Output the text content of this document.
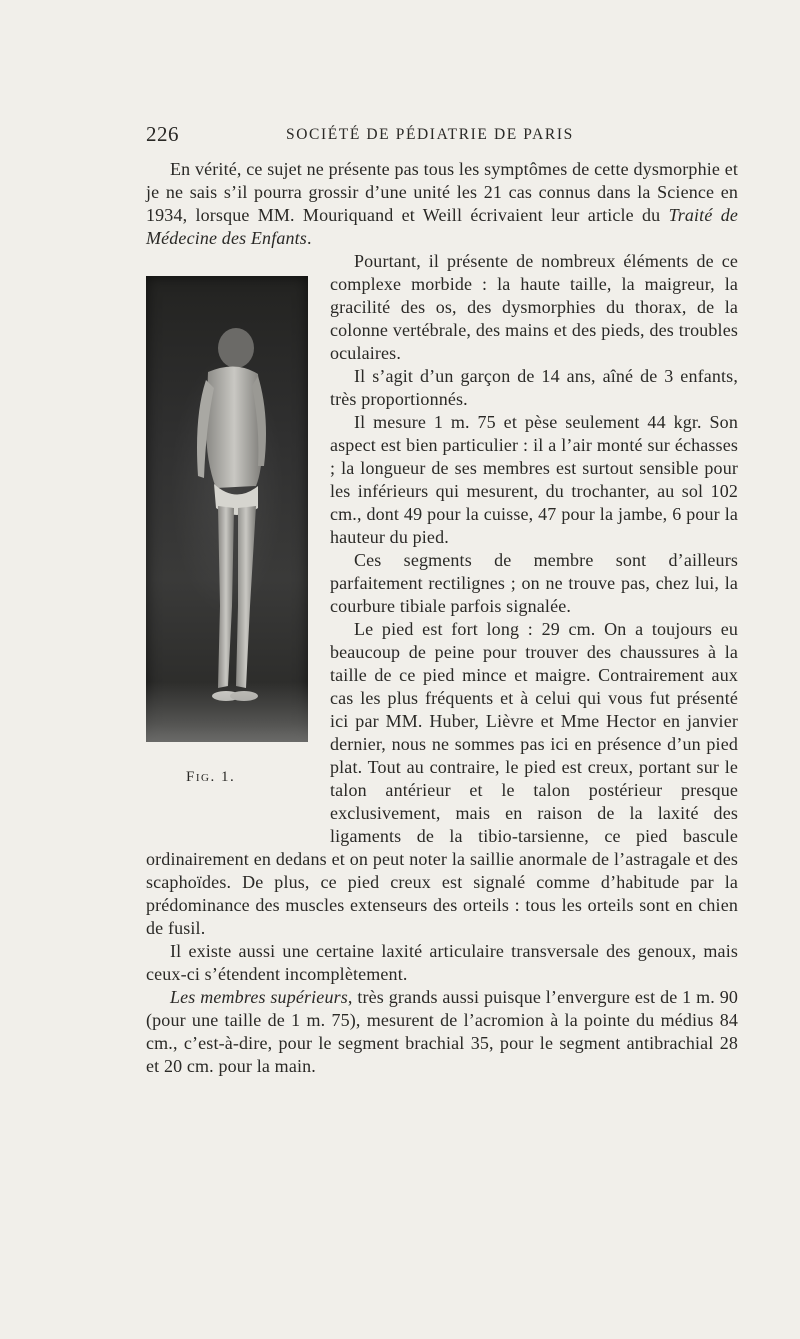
226	SOCIÉTÉ DE PÉDIATRIE DE PARIS

En vérité, ce sujet ne présente pas tous les symptômes de cette dysmorphie et je ne sais s’il pourra grossir d’une unité les 21 cas connus dans la Science en 1934, lorsque MM. Mouriquand et Weill écrivaient leur article du Traité de Médecine des Enfants.

Fig. 1.

Pourtant, il présente de nombreux éléments de ce complexe morbide : la haute taille, la maigreur, la gracilité des os, des dysmorphies du thorax, de la colonne vertébrale, des mains et des pieds, des troubles oculaires.

Il s’agit d’un garçon de 14 ans, aîné de 3 enfants, très proportionnés.

Il mesure 1 m. 75 et pèse seulement 44 kgr. Son aspect est bien particulier : il a l’air monté sur échasses ; la longueur de ses membres est surtout sensible pour les inférieurs qui mesurent, du trochanter, au sol 102 cm., dont 49 pour la cuisse, 47 pour la jambe, 6 pour la hauteur du pied.

Ces segments de membre sont d’ailleurs parfaitement rectilignes ; on ne trouve pas, chez lui, la courbure tibiale parfois signalée.

Le pied est fort long : 29 cm. On a toujours eu beaucoup de peine pour trouver des chaussures à la taille de ce pied mince et maigre. Contrairement aux cas les plus fréquents et à celui qui vous fut présenté ici par MM. Huber, Lièvre et Mme Hector en janvier dernier, nous ne sommes pas ici en présence d’un pied plat. Tout au contraire, le pied est creux, portant sur le talon antérieur et le talon postérieur presque exclusivement, mais en raison de la laxité des ligaments de la tibio-tarsienne, ce pied bascule ordinairement en dedans et on peut noter la saillie anormale de l’astragale et des scaphoïdes. De plus, ce pied creux est signalé comme d’habitude par la prédominance des muscles extenseurs des orteils : tous les orteils sont en chien de fusil.

Il existe aussi une certaine laxité articulaire transversale des genoux, mais ceux-ci s’étendent incomplètement.

Les membres supérieurs, très grands aussi puisque l’envergure est de 1 m. 90 (pour une taille de 1 m. 75), mesurent de l’acromion à la pointe du médius 84 cm., c’est-à-dire, pour le segment brachial 35, pour le segment antibrachial 28 et 20 cm. pour la main.
